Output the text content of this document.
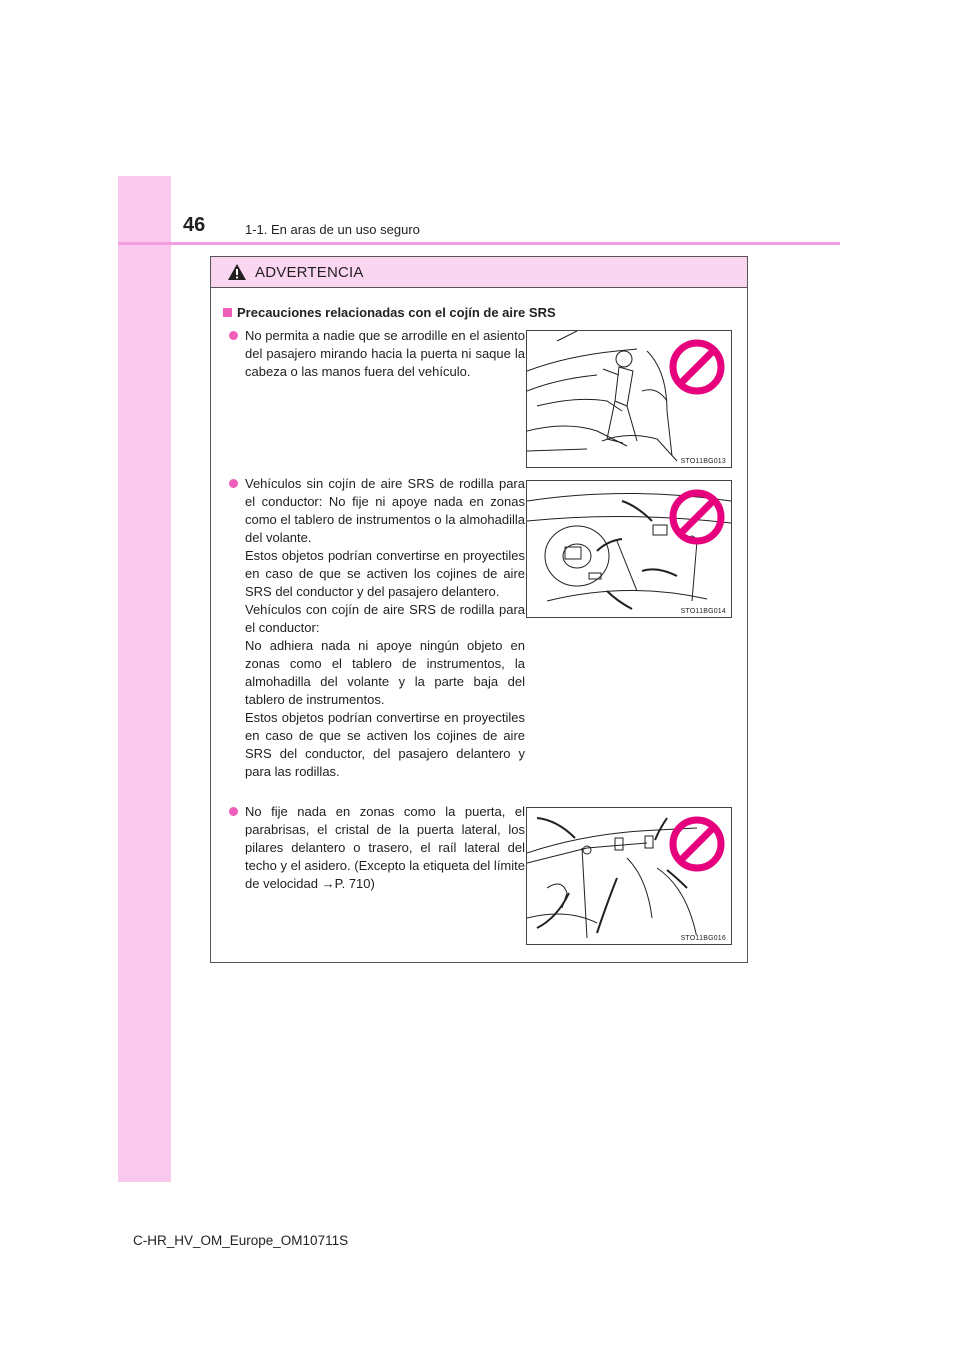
46	1-1. En aras de un uso seguro
ADVERTENCIA
Precauciones relacionadas con el cojín de aire SRS
No permita a nadie que se arrodille en el asiento del pasajero mirando hacia la puerta ni saque la cabeza o las manos fuera del vehículo.
STO11BG013
Vehículos sin cojín de aire SRS de rodilla para el conductor: No fije ni apoye nada en zonas como el tablero de instrumentos o la almohadilla del volante.
Estos objetos podrían convertirse en proyectiles en caso de que se activen los cojines de aire SRS del conductor y del pasajero delantero.
Vehículos con cojín de aire SRS de rodilla para el conductor:
No adhiera nada ni apoye ningún objeto en zonas como el tablero de instrumentos, la almohadilla del volante y la parte baja del tablero de instrumentos.
Estos objetos podrían convertirse en proyectiles en caso de que se activen los cojines de aire SRS del conductor, del pasajero delantero y para las rodillas.
STO11BG014
No fije nada en zonas como la puerta, el parabrisas, el cristal de la puerta lateral, los pilares delantero o trasero, el raíl lateral del techo y el asidero. (Excepto la etiqueta del límite de velocidad →P. 710)
STO11BG016
C-HR_HV_OM_Europe_OM10711S
